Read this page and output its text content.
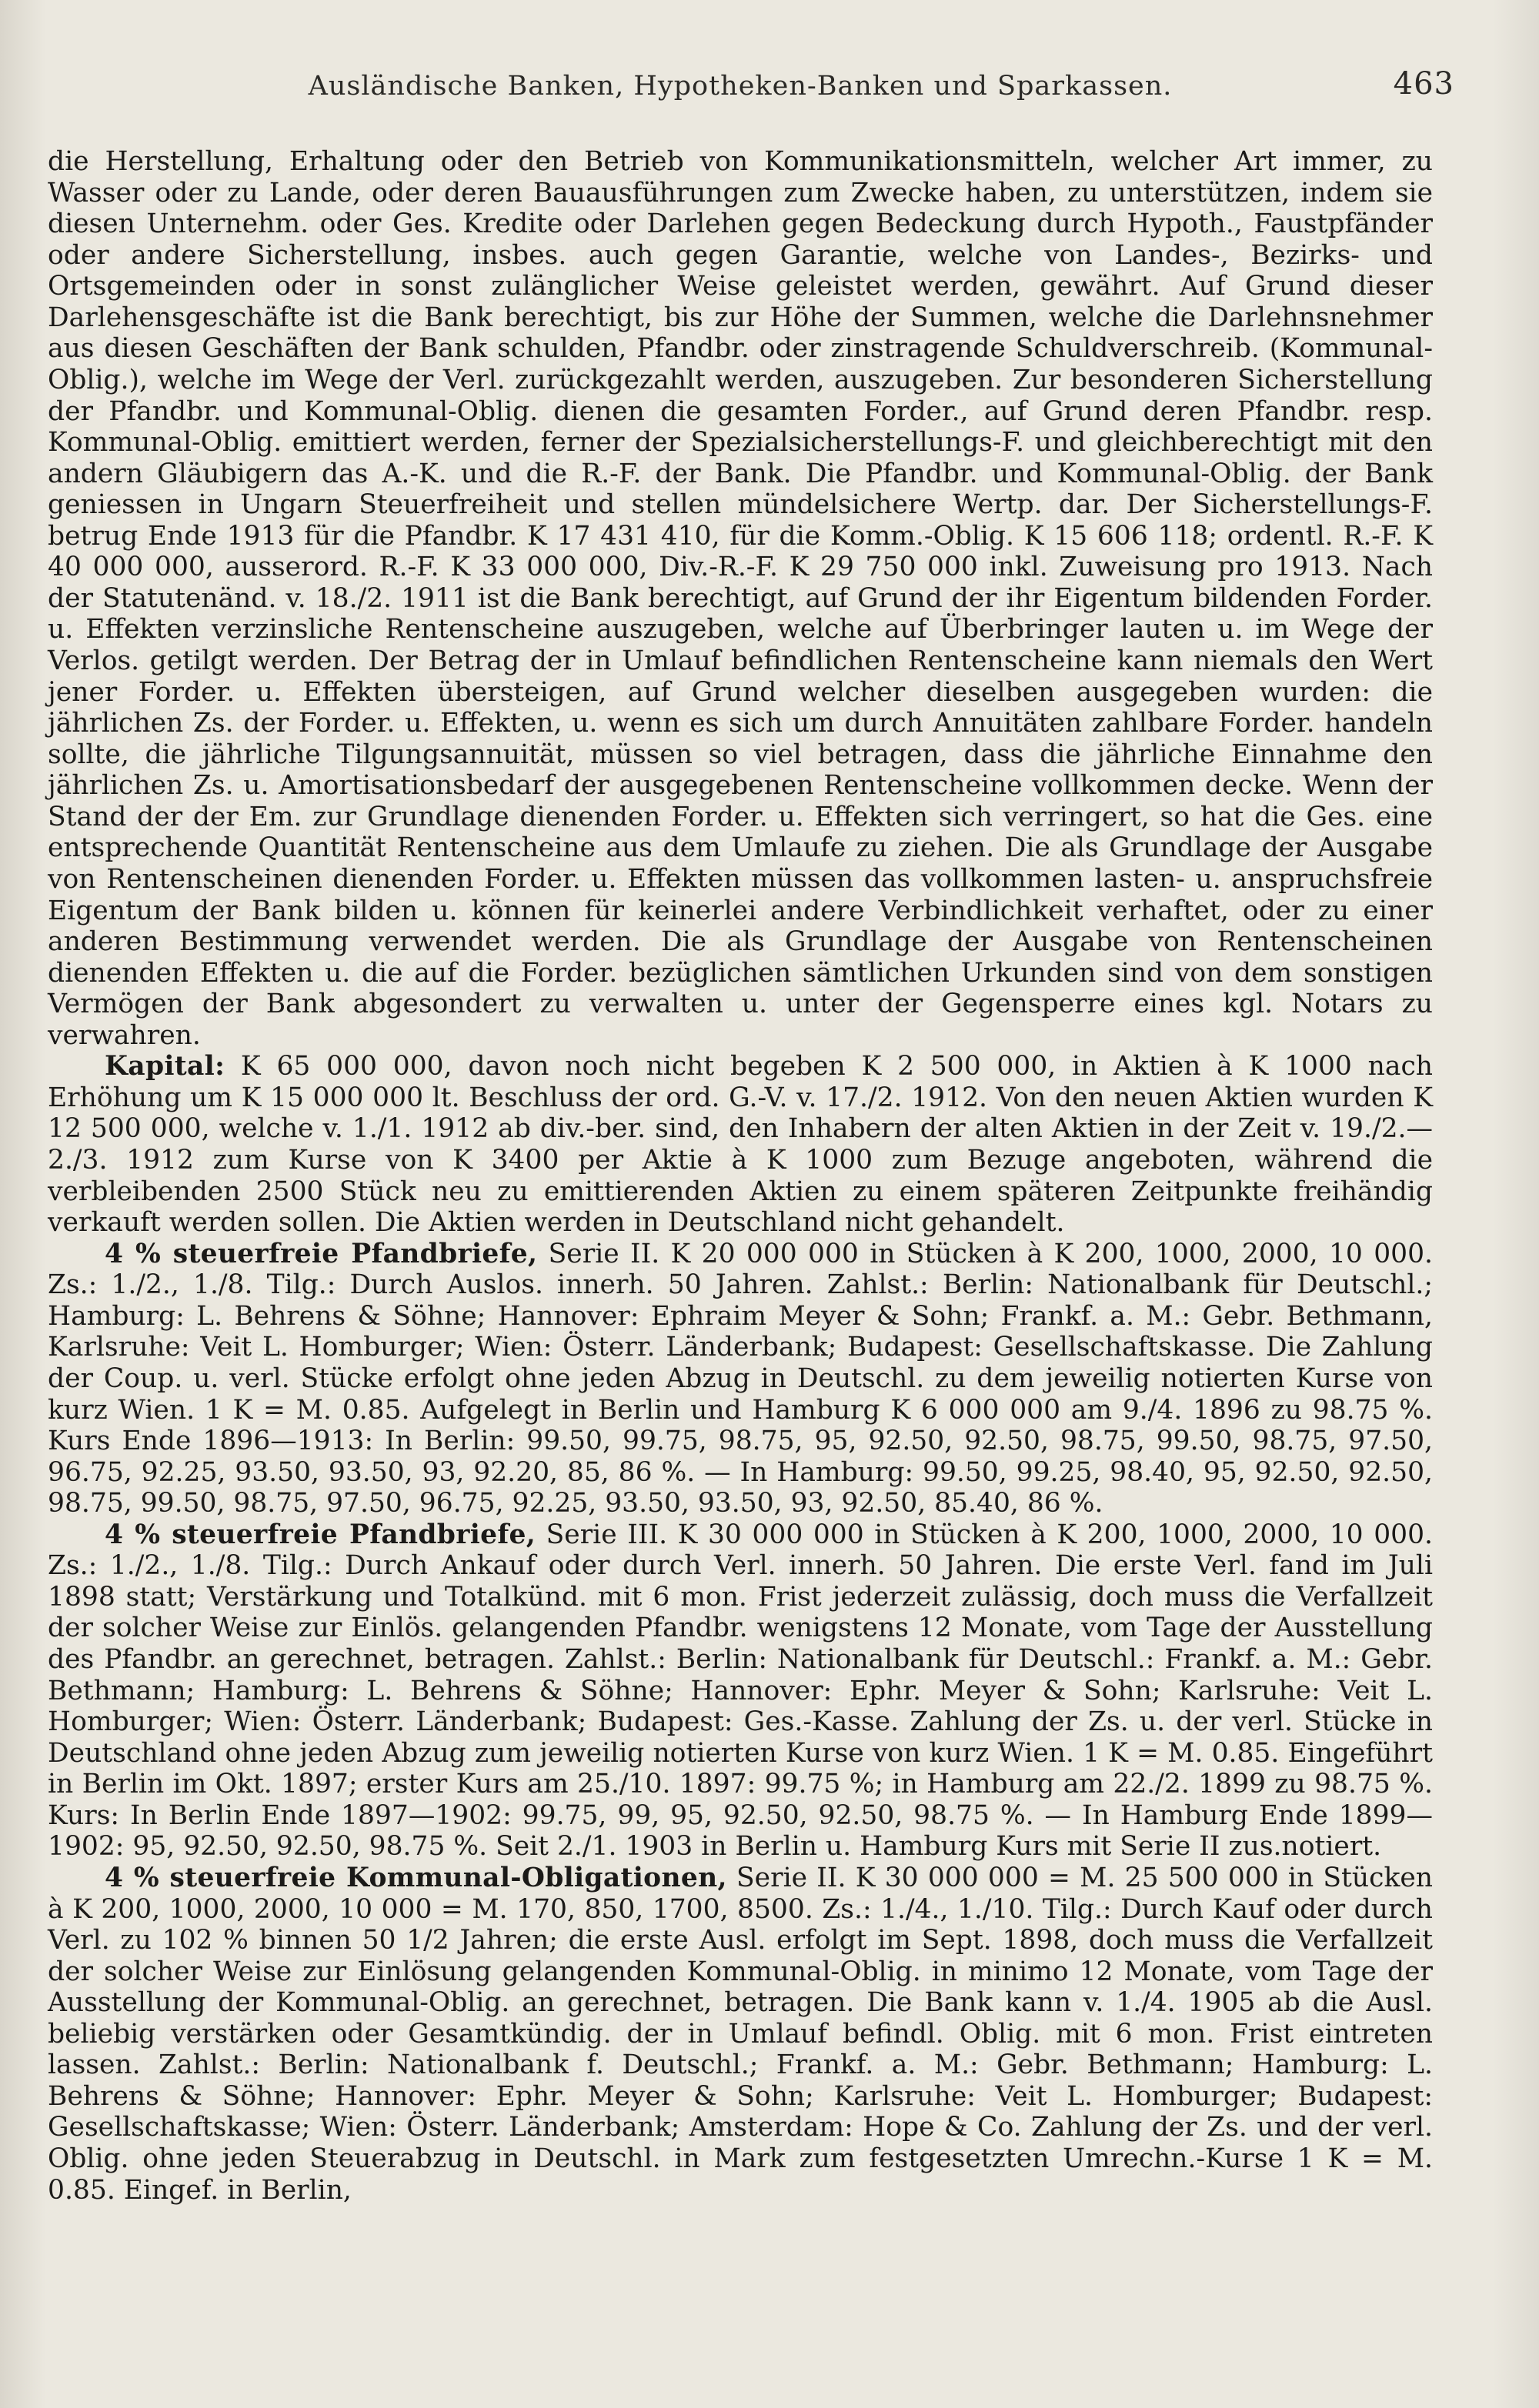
Ausländische Banken, Hypotheken-Banken und Sparkassen.	463

die Herstellung, Erhaltung oder den Betrieb von Kommunikationsmitteln, welcher Art immer, zu Wasser oder zu Lande, oder deren Bauausführungen zum Zwecke haben, zu unterstützen, indem sie diesen Unternehm. oder Ges. Kredite oder Darlehen gegen Bedeckung durch Hypoth., Faustpfänder oder andere Sicherstellung, insbes. auch gegen Garantie, welche von Landes-, Bezirks- und Ortsgemeinden oder in sonst zulänglicher Weise geleistet werden, gewährt. Auf Grund dieser Darlehensgeschäfte ist die Bank berechtigt, bis zur Höhe der Summen, welche die Darlehnsnehmer aus diesen Geschäften der Bank schulden, Pfandbr. oder zinstragende Schuldverschreib. (Kommunal-Oblig.), welche im Wege der Verl. zurückgezahlt werden, auszugeben. Zur besonderen Sicherstellung der Pfandbr. und Kommunal-Oblig. dienen die gesamten Forder., auf Grund deren Pfandbr. resp. Kommunal-Oblig. emittiert werden, ferner der Spezialsicherstellungs-F. und gleichberechtigt mit den andern Gläubigern das A.-K. und die R.-F. der Bank. Die Pfandbr. und Kommunal-Oblig. der Bank geniessen in Ungarn Steuerfreiheit und stellen mündelsichere Wertp. dar. Der Sicherstellungs-F. betrug Ende 1913 für die Pfandbr. K 17 431 410, für die Komm.-Oblig. K 15 606 118; ordentl. R.-F. K 40 000 000, ausserord. R.-F. K 33 000 000, Div.-R.-F. K 29 750 000 inkl. Zuweisung pro 1913. Nach der Statutenänd. v. 18./2. 1911 ist die Bank berechtigt, auf Grund der ihr Eigentum bildenden Forder. u. Effekten verzinsliche Rentenscheine auszugeben, welche auf Überbringer lauten u. im Wege der Verlos. getilgt werden. Der Betrag der in Umlauf befindlichen Rentenscheine kann niemals den Wert jener Forder. u. Effekten übersteigen, auf Grund welcher dieselben ausgegeben wurden: die jährlichen Zs. der Forder. u. Effekten, u. wenn es sich um durch Annuitäten zahlbare Forder. handeln sollte, die jährliche Tilgungsannuität, müssen so viel betragen, dass die jährliche Einnahme den jährlichen Zs. u. Amortisationsbedarf der ausgegebenen Rentenscheine vollkommen decke. Wenn der Stand der der Em. zur Grundlage dienenden Forder. u. Effekten sich verringert, so hat die Ges. eine entsprechende Quantität Rentenscheine aus dem Umlaufe zu ziehen. Die als Grundlage der Ausgabe von Rentenscheinen dienenden Forder. u. Effekten müssen das vollkommen lasten- u. anspruchsfreie Eigentum der Bank bilden u. können für keinerlei andere Verbindlichkeit verhaftet, oder zu einer anderen Bestimmung verwendet werden. Die als Grundlage der Ausgabe von Rentenscheinen dienenden Effekten u. die auf die Forder. bezüglichen sämtlichen Urkunden sind von dem sonstigen Vermögen der Bank abgesondert zu verwalten u. unter der Gegensperre eines kgl. Notars zu verwahren.

Kapital: K 65 000 000, davon noch nicht begeben K 2 500 000, in Aktien à K 1000 nach Erhöhung um K 15 000 000 lt. Beschluss der ord. G.-V. v. 17./2. 1912. Von den neuen Aktien wurden K 12 500 000, welche v. 1./1. 1912 ab div.-ber. sind, den Inhabern der alten Aktien in der Zeit v. 19./2.—2./3. 1912 zum Kurse von K 3400 per Aktie à K 1000 zum Bezuge angeboten, während die verbleibenden 2500 Stück neu zu emittierenden Aktien zu einem späteren Zeitpunkte freihändig verkauft werden sollen. Die Aktien werden in Deutschland nicht gehandelt.

4 % steuerfreie Pfandbriefe, Serie II. K 20 000 000 in Stücken à K 200, 1000, 2000, 10 000. Zs.: 1./2., 1./8. Tilg.: Durch Auslos. innerh. 50 Jahren. Zahlst.: Berlin: Nationalbank für Deutschl.; Hamburg: L. Behrens & Söhne; Hannover: Ephraim Meyer & Sohn; Frankf. a. M.: Gebr. Bethmann, Karlsruhe: Veit L. Homburger; Wien: Österr. Länderbank; Budapest: Gesellschaftskasse. Die Zahlung der Coup. u. verl. Stücke erfolgt ohne jeden Abzug in Deutschl. zu dem jeweilig notierten Kurse von kurz Wien. 1 K = M. 0.85. Aufgelegt in Berlin und Hamburg K 6 000 000 am 9./4. 1896 zu 98.75 %. Kurs Ende 1896—1913: In Berlin: 99.50, 99.75, 98.75, 95, 92.50, 92.50, 98.75, 99.50, 98.75, 97.50, 96.75, 92.25, 93.50, 93.50, 93, 92.20, 85, 86 %. — In Hamburg: 99.50, 99.25, 98.40, 95, 92.50, 92.50, 98.75, 99.50, 98.75, 97.50, 96.75, 92.25, 93.50, 93.50, 93, 92.50, 85.40, 86 %.

4 % steuerfreie Pfandbriefe, Serie III. K 30 000 000 in Stücken à K 200, 1000, 2000, 10 000. Zs.: 1./2., 1./8. Tilg.: Durch Ankauf oder durch Verl. innerh. 50 Jahren. Die erste Verl. fand im Juli 1898 statt; Verstärkung und Totalkünd. mit 6 mon. Frist jederzeit zulässig, doch muss die Verfallzeit der solcher Weise zur Einlös. gelangenden Pfandbr. wenigstens 12 Monate, vom Tage der Ausstellung des Pfandbr. an gerechnet, betragen. Zahlst.: Berlin: Nationalbank für Deutschl.: Frankf. a. M.: Gebr. Bethmann; Hamburg: L. Behrens & Söhne; Hannover: Ephr. Meyer & Sohn; Karlsruhe: Veit L. Homburger; Wien: Österr. Länderbank; Budapest: Ges.-Kasse. Zahlung der Zs. u. der verl. Stücke in Deutschland ohne jeden Abzug zum jeweilig notierten Kurse von kurz Wien. 1 K = M. 0.85. Eingeführt in Berlin im Okt. 1897; erster Kurs am 25./10. 1897: 99.75 %; in Hamburg am 22./2. 1899 zu 98.75 %. Kurs: In Berlin Ende 1897—1902: 99.75, 99, 95, 92.50, 92.50, 98.75 %. — In Hamburg Ende 1899—1902: 95, 92.50, 92.50, 98.75 %. Seit 2./1. 1903 in Berlin u. Hamburg Kurs mit Serie II zus.notiert.

4 % steuerfreie Kommunal-Obligationen, Serie II. K 30 000 000 = M. 25 500 000 in Stücken à K 200, 1000, 2000, 10 000 = M. 170, 850, 1700, 8500. Zs.: 1./4., 1./10. Tilg.: Durch Kauf oder durch Verl. zu 102 % binnen 50 1/2 Jahren; die erste Ausl. erfolgt im Sept. 1898, doch muss die Verfallzeit der solcher Weise zur Einlösung gelangenden Kommunal-Oblig. in minimo 12 Monate, vom Tage der Ausstellung der Kommunal-Oblig. an gerechnet, betragen. Die Bank kann v. 1./4. 1905 ab die Ausl. beliebig verstärken oder Gesamtkündig. der in Umlauf befindl. Oblig. mit 6 mon. Frist eintreten lassen. Zahlst.: Berlin: Nationalbank f. Deutschl.; Frankf. a. M.: Gebr. Bethmann; Hamburg: L. Behrens & Söhne; Hannover: Ephr. Meyer & Sohn; Karlsruhe: Veit L. Homburger; Budapest: Gesellschaftskasse; Wien: Österr. Länderbank; Amsterdam: Hope & Co. Zahlung der Zs. und der verl. Oblig. ohne jeden Steuerabzug in Deutschl. in Mark zum festgesetzten Umrechn.-Kurse 1 K = M. 0.85. Eingef. in Berlin,
